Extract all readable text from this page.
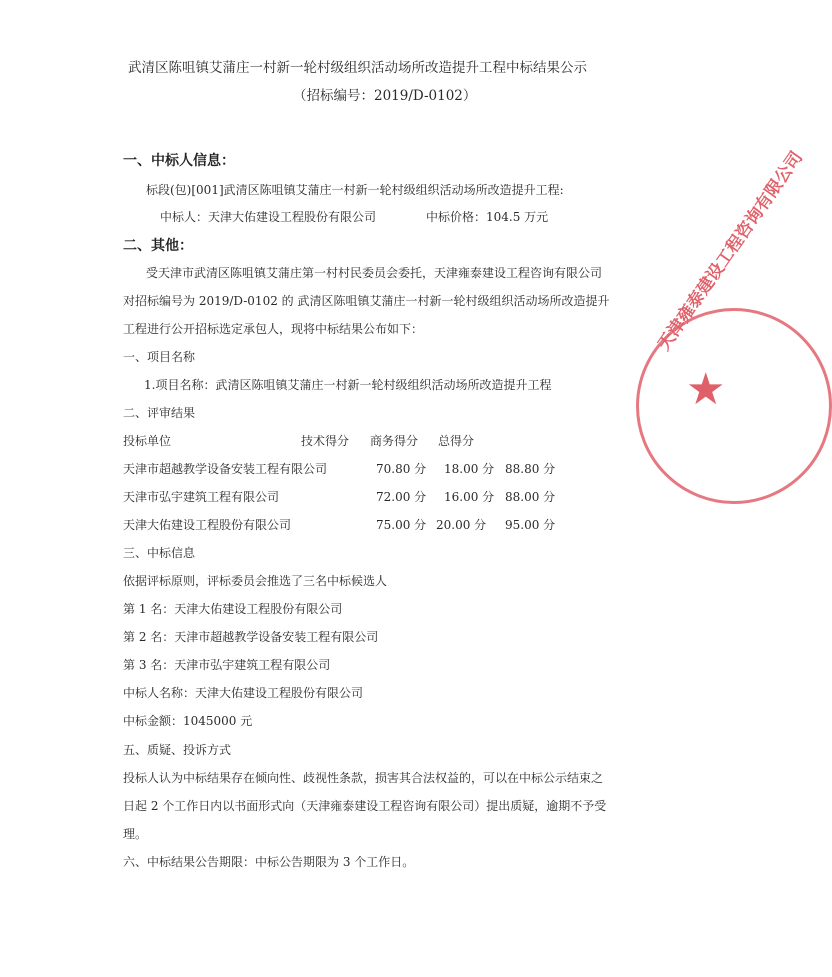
武清区陈咀镇艾蒲庄一村新一轮村级组织活动场所改造提升工程中标结果公示
（招标编号：2019/D-0102）
一、中标人信息：
标段(包)[001]武清区陈咀镇艾蒲庄一村新一轮村级组织活动场所改造提升工程:
中标人：天津大佑建设工程股份有限公司	中标价格：104.5 万元
二、其他：
受天津市武清区陈咀镇艾蒲庄第一村村民委员会委托，天津雍泰建设工程咨询有限公司
对招标编号为 2019/D-0102 的 武清区陈咀镇艾蒲庄一村新一轮村级组织活动场所改造提升
工程进行公开招标选定承包人，现将中标结果公布如下：
一、项目名称
1.项目名称：武清区陈咀镇艾蒲庄一村新一轮村级组织活动场所改造提升工程
二、评审结果
投标单位	技术得分 商务得分 总得分
天津市超越教学设备安装工程有限公司	70.80 分 18.00 分 88.80 分
天津市弘宇建筑工程有限公司	72.00 分 16.00 分 88.00 分
天津大佑建设工程股份有限公司	75.00 分 20.00 分 95.00 分
三、中标信息
依据评标原则，评标委员会推选了三名中标候选人
第 1 名：天津大佑建设工程股份有限公司
第 2 名：天津市超越教学设备安装工程有限公司
第 3 名：天津市弘宇建筑工程有限公司
中标人名称：天津大佑建设工程股份有限公司
中标金额：1045000 元
五、质疑、投诉方式
投标人认为中标结果存在倾向性、歧视性条款，损害其合法权益的，可以在中标公示结束之
日起 2 个工作日内以书面形式向（天津雍泰建设工程咨询有限公司）提出质疑，逾期不予受
理。
六、中标结果公告期限：中标公告期限为 3 个工作日。
★
天津雍泰建设工程咨询有限公司
